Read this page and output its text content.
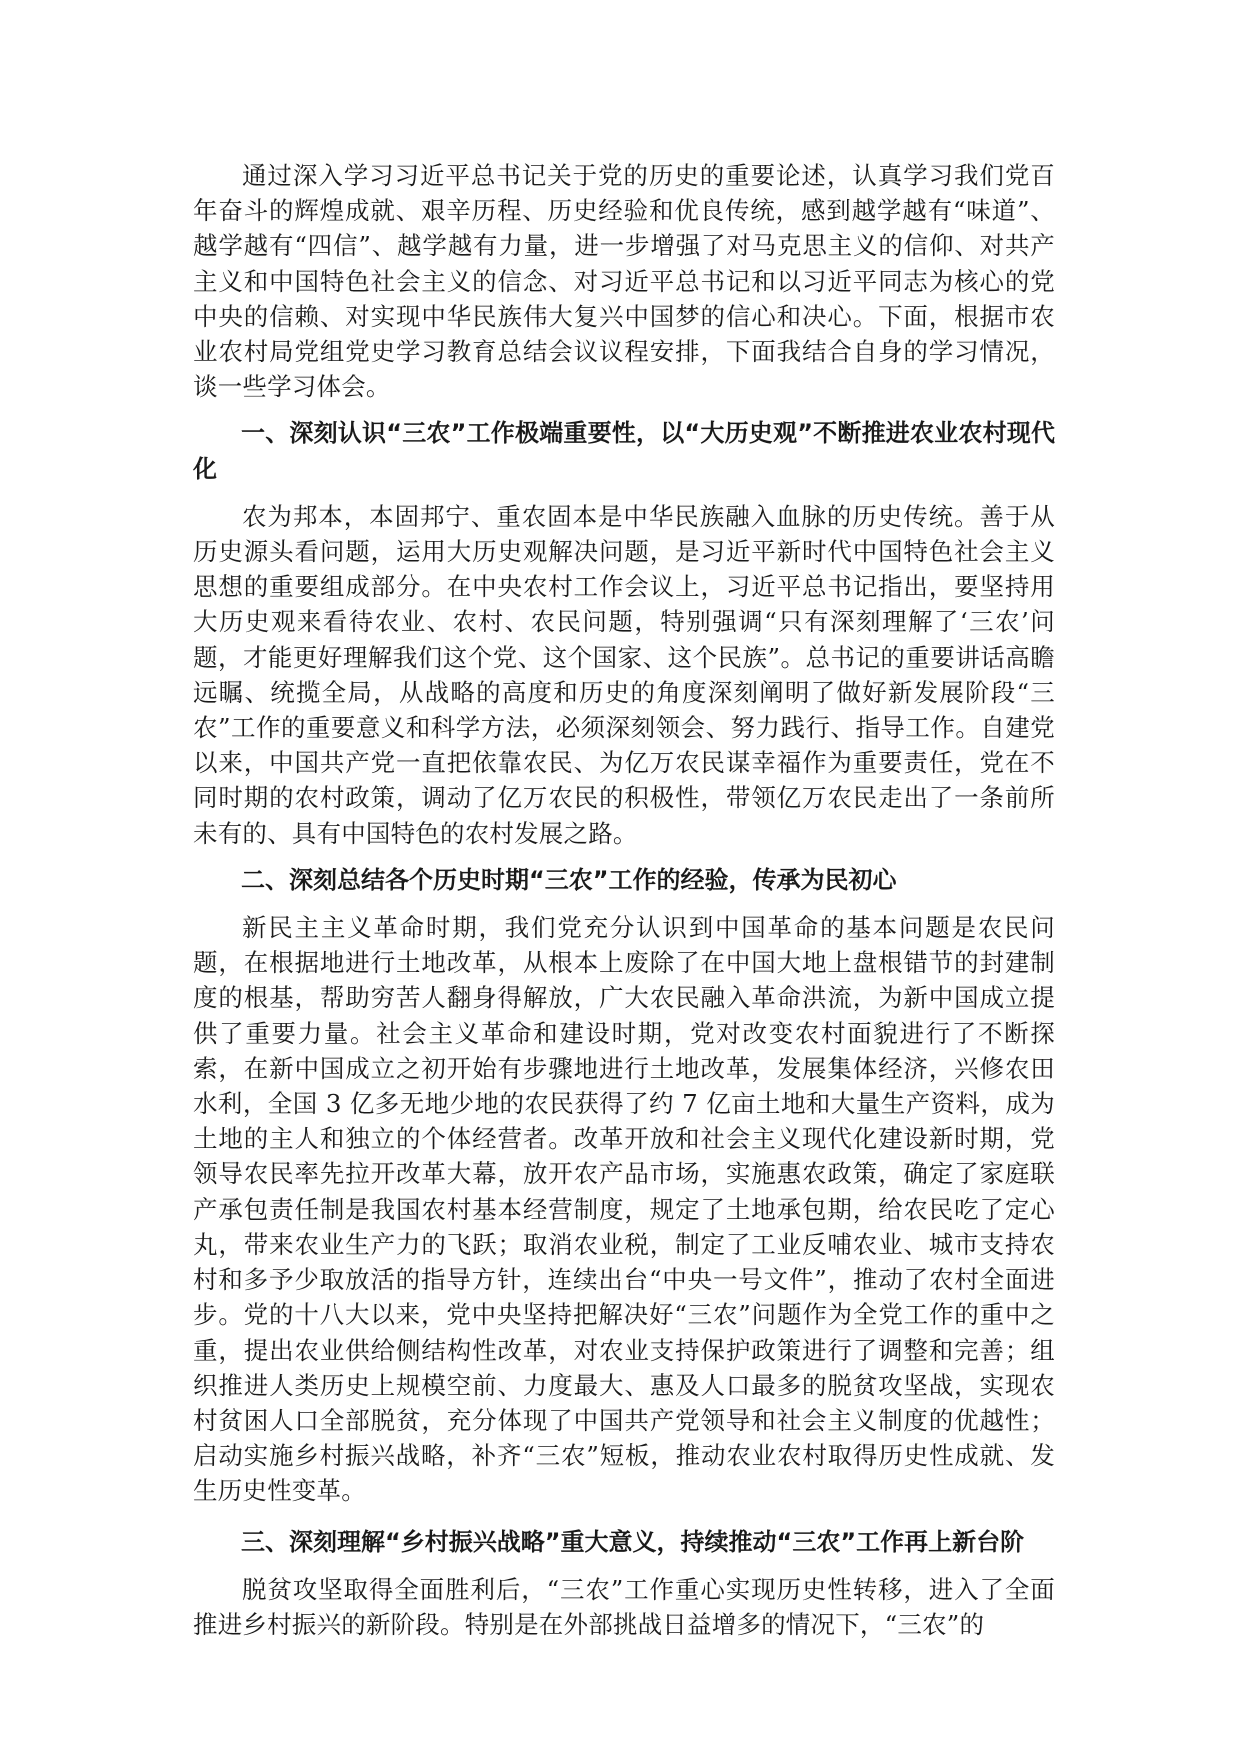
通过深入学习习近平总书记关于党的历史的重要论述，认真学习我们党百年奋斗的辉煌成就、艰辛历程、历史经验和优良传统，感到越学越有“味道”、越学越有“四信”、越学越有力量，进一步增强了对马克思主义的信仰、对共产主义和中国特色社会主义的信念、对习近平总书记和以习近平同志为核心的党中央的信赖、对实现中华民族伟大复兴中国梦的信心和决心。下面，根据市农业农村局党组党史学习教育总结会议议程安排，下面我结合自身的学习情况，谈一些学习体会。

一、深刻认识“三农”工作极端重要性，以“大历史观”不断推进农业农村现代化

农为邦本，本固邦宁、重农固本是中华民族融入血脉的历史传统。善于从历史源头看问题，运用大历史观解决问题，是习近平新时代中国特色社会主义思想的重要组成部分。在中央农村工作会议上，习近平总书记指出，要坚持用大历史观来看待农业、农村、农民问题，特别强调“只有深刻理解了‘三农’问题，才能更好理解我们这个党、这个国家、这个民族”。总书记的重要讲话高瞻远瞩、统揽全局，从战略的高度和历史的角度深刻阐明了做好新发展阶段“三农”工作的重要意义和科学方法，必须深刻领会、努力践行、指导工作。自建党以来，中国共产党一直把依靠农民、为亿万农民谋幸福作为重要责任，党在不同时期的农村政策，调动了亿万农民的积极性，带领亿万农民走出了一条前所未有的、具有中国特色的农村发展之路。

二、深刻总结各个历史时期“三农”工作的经验，传承为民初心

新民主主义革命时期，我们党充分认识到中国革命的基本问题是农民问题，在根据地进行土地改革，从根本上废除了在中国大地上盘根错节的封建制度的根基，帮助穷苦人翻身得解放，广大农民融入革命洪流，为新中国成立提供了重要力量。社会主义革命和建设时期，党对改变农村面貌进行了不断探索，在新中国成立之初开始有步骤地进行土地改革，发展集体经济，兴修农田水利，全国 3 亿多无地少地的农民获得了约 7 亿亩土地和大量生产资料，成为土地的主人和独立的个体经营者。改革开放和社会主义现代化建设新时期，党领导农民率先拉开改革大幕，放开农产品市场，实施惠农政策，确定了家庭联产承包责任制是我国农村基本经营制度，规定了土地承包期，给农民吃了定心丸，带来农业生产力的飞跃；取消农业税，制定了工业反哺农业、城市支持农村和多予少取放活的指导方针，连续出台“中央一号文件”，推动了农村全面进步。党的十八大以来，党中央坚持把解决好“三农”问题作为全党工作的重中之重，提出农业供给侧结构性改革，对农业支持保护政策进行了调整和完善；组织推进人类历史上规模空前、力度最大、惠及人口最多的脱贫攻坚战，实现农村贫困人口全部脱贫，充分体现了中国共产党领导和社会主义制度的优越性；启动实施乡村振兴战略，补齐“三农”短板，推动农业农村取得历史性成就、发生历史性变革。

三、深刻理解“乡村振兴战略”重大意义，持续推动“三农”工作再上新台阶

脱贫攻坚取得全面胜利后，“三农”工作重心实现历史性转移，进入了全面推进乡村振兴的新阶段。特别是在外部挑战日益增多的情况下，“三农”的
